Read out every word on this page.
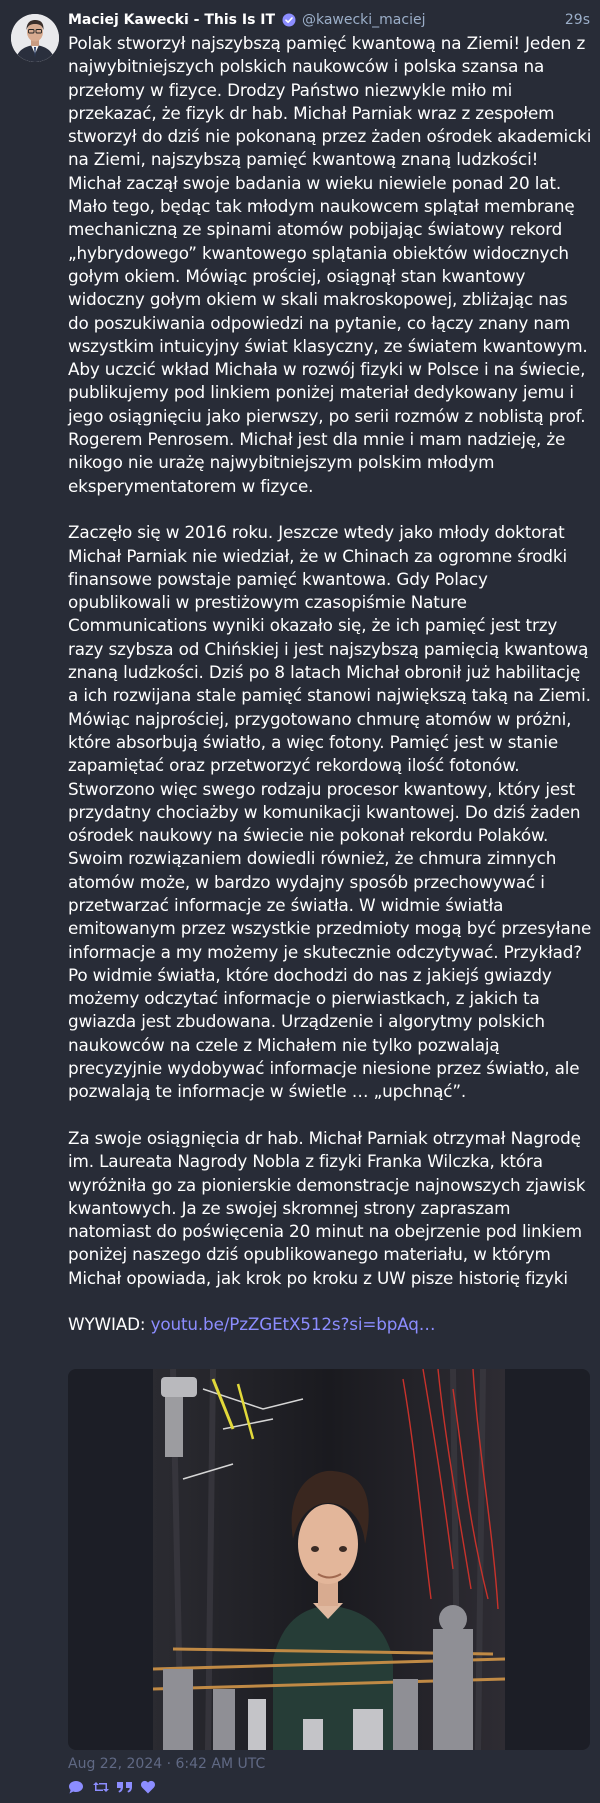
Maciej Kawecki - This Is IT @kawecki_maciej	29s

Polak stworzył najszybszą pamięć kwantową na Ziemi! Jeden z najwybitniejszych polskich naukowców i polska szansa na przełomy w fizyce. Drodzy Państwo niezwykle miło mi przekazać, że fizyk dr hab. Michał Parniak wraz z zespołem stworzył do dziś nie pokonaną przez żaden ośrodek akademicki na Ziemi, najszybszą pamięć kwantową znaną ludzkości! Michał zaczął swoje badania w wieku niewiele ponad 20 lat. Mało tego, będąc tak młodym naukowcem splątał membranę mechaniczną ze spinami atomów pobijając światowy rekord „hybrydowego” kwantowego splątania obiektów widocznych gołym okiem. Mówiąc prościej, osiągnął stan kwantowy widoczny gołym okiem w skali makroskopowej, zbliżając nas do poszukiwania odpowiedzi na pytanie, co łączy znany nam wszystkim intuicyjny świat klasyczny, ze światem kwantowym. Aby uczcić wkład Michała w rozwój fizyki w Polsce i na świecie, publikujemy pod linkiem poniżej materiał dedykowany jemu i jego osiągnięciu jako pierwszy, po serii rozmów z noblistą prof. Rogerem Penrosem. Michał jest dla mnie i mam nadzieję, że nikogo nie urażę najwybitniejszym polskim młodym eksperymentatorem w fizyce.

Zaczęło się w 2016 roku. Jeszcze wtedy jako młody doktorat Michał Parniak nie wiedział, że w Chinach za ogromne środki finansowe powstaje pamięć kwantowa. Gdy Polacy opublikowali w prestiżowym czasopiśmie Nature Communications wyniki okazało się, że ich pamięć jest trzy razy szybsza od Chińskiej i jest najszybszą pamięcią kwantową znaną ludzkości. Dziś po 8 latach Michał obronił już habilitację a ich rozwijana stale pamięć stanowi największą taką na Ziemi. Mówiąc najprościej, przygotowano chmurę atomów w próżni, które absorbują światło, a więc fotony. Pamięć jest w stanie zapamiętać oraz przetworzyć rekordową ilość fotonów. Stworzono więc swego rodzaju procesor kwantowy, który jest przydatny chociażby w komunikacji kwantowej. Do dziś żaden ośrodek naukowy na świecie nie pokonał rekordu Polaków. Swoim rozwiązaniem dowiedli również, że chmura zimnych atomów może, w bardzo wydajny sposób przechowywać i przetwarzać informacje ze światła. W widmie światła emitowanym przez wszystkie przedmioty mogą być przesyłane informacje a my możemy je skutecznie odczytywać. Przykład? Po widmie światła, które dochodzi do nas z jakiejś gwiazdy możemy odczytać informacje o pierwiastkach, z jakich ta gwiazda jest zbudowana. Urządzenie i algorytmy polskich naukowców na czele z Michałem nie tylko pozwalają precyzyjnie wydobywać informacje niesione przez światło, ale pozwalają te informacje w świetle … „upchnąć”.

Za swoje osiągnięcia dr hab. Michał Parniak otrzymał Nagrodę im. Laureata Nagrody Nobla z fizyki Franka Wilczka, która wyróżniła go za pionierskie demonstracje najnowszych zjawisk kwantowych. Ja ze swojej skromnej strony zapraszam natomiast do poświęcenia 20 minut na obejrzenie pod linkiem poniżej naszego dziś opublikowanego materiału, w którym Michał opowiada, jak krok po kroku z UW pisze historię fizyki

WYWIAD: youtu.be/PzZGEtX512s?si=bpAq…

Aug 22, 2024 · 6:42 AM UTC
